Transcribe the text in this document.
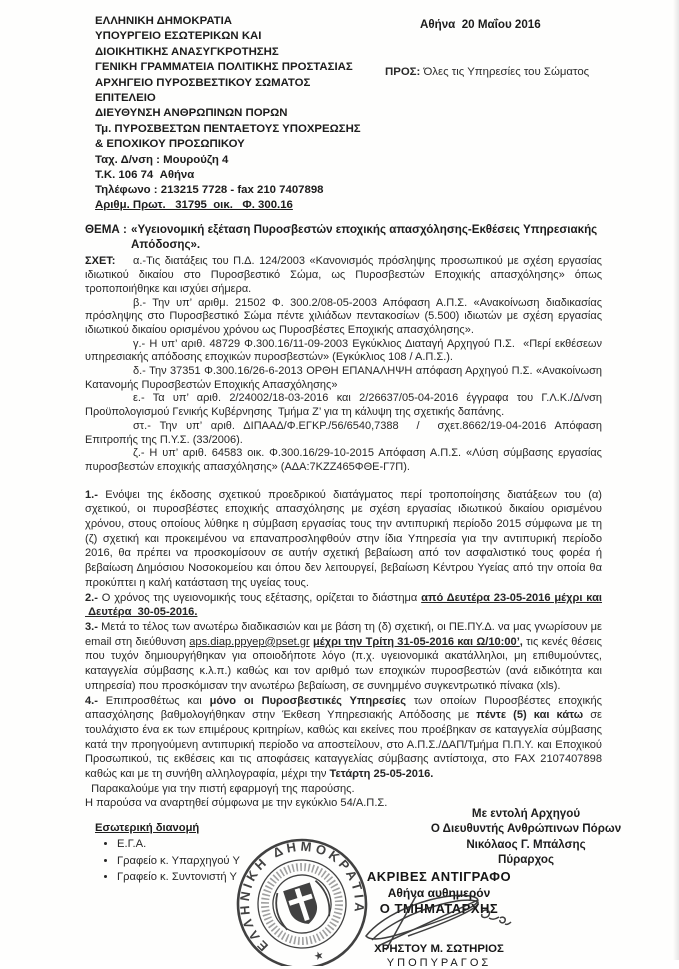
ΕΛΛΗΝΙΚΗ ΔΗΜΟΚΡΑΤΙΑ
ΥΠΟΥΡΓΕΙΟ ΕΣΩΤΕΡΙΚΩΝ ΚΑΙ
ΔΙΟΙΚΗΤΙΚΗΣ ΑΝΑΣΥΓΚΡΟΤΗΣΗΣ
ΓΕΝΙΚΗ ΓΡΑΜΜΑΤΕΙΑ ΠΟΛΙΤΙΚΗΣ ΠΡΟΣΤΑΣΙΑΣ
ΑΡΧΗΓΕΙΟ ΠΥΡΟΣΒΕΣΤΙΚΟΥ ΣΩΜΑΤΟΣ
ΕΠΙΤΕΛΕΙΟ
ΔΙΕΥΘΥΝΣΗ ΑΝΘΡΩΠΙΝΩΝ ΠΟΡΩΝ
Τμ. ΠΥΡΟΣΒΕΣΤΩΝ ΠΕΝΤΑΕΤΟΥΣ ΥΠΟΧΡΕΩΣΗΣ
& ΕΠΟΧΙΚΟΥ ΠΡΟΣΩΠΙΚΟΥ
Ταχ. Δ/νση : Μουρούζη 4
Τ.Κ. 106 74  Αθήνα
Τηλέφωνο : 213215 7728 - fax 210 7407898
Αριθμ. Πρωτ.   31795  οικ.   Φ. 300.16
Αθήνα  20 Μαΐου 2016
ΠΡΟΣ: Όλες τις Υπηρεσίες του Σώματος

ΘΕΜΑ : «Υγειονομική εξέταση Πυροσβεστών εποχικής απασχόλησης-Εκθέσεις Υπηρεσιακής Απόδοσης».

ΣΧΕΤ:	α.-Τις διατάξεις του Π.Δ. 124/2003 «Κανονισμός πρόσληψης προσωπικού με σχέση εργασίας ιδιωτικού δικαίου στο Πυροσβεστικό Σώμα, ως Πυροσβεστών Εποχικής απασχόλησης» όπως τροποποιήθηκε και ισχύει σήμερα.

β.- Την υπ’ αριθμ. 21502 Φ. 300.2/08-05-2003 Απόφαση Α.Π.Σ. «Ανακοίνωση διαδικασίας πρόσληψης στο Πυροσβεστικό Σώμα πέντε χιλιάδων πεντακοσίων (5.500) ιδιωτών με σχέση εργασίας ιδιωτικού δικαίου ορισμένου χρόνου ως Πυροσβέστες Εποχικής απασχόλησης».

γ.- Η υπ’ αριθ. 48729 Φ.300.16/11-09-2003 Εγκύκλιος Διαταγή Αρχηγού Π.Σ.  «Περί εκθέσεων υπηρεσιακής απόδοσης εποχικών πυροσβεστών» (Εγκύκλιος 108 / Α.Π.Σ.).

δ.- Την 37351 Φ.300.16/26-6-2013 ΟΡΘΗ ΕΠΑΝΑΛΗΨΗ απόφαση Αρχηγού Π.Σ. «Ανακοίνωση Κατανομής Πυροσβεστών Εποχικής Απασχόλησης»

ε.- Τα υπ’ αριθ. 2/24002/18-03-2016 και 2/26637/05-04-2016 έγγραφα του Γ.Λ.Κ./Δ/νση Προϋπολογισμού Γενικής Κυβέρνησης  Τμήμα Ζ’ για τη κάλυψη της σχετικής δαπάνης.

στ.- Την υπ’ αριθ. ΔΙΠΑΑΔ/Φ.ΕΓΚΡ./56/6540,7388  /  σχετ.8662/19-04-2016 Απόφαση Επιτροπής της Π.Υ.Σ. (33/2006).

ζ.- Η υπ’ αριθ. 64583 οικ. Φ.300.16/29-10-2015 Απόφαση Α.Π.Σ. «Λύση σύμβασης εργασίας πυροσβεστών εποχικής απασχόλησης» (ΑΔΑ:7ΚΖΖ465ΦΘΕ-Γ7Π).

1.- Ενόψει της έκδοσης σχετικού προεδρικού διατάγματος περί τροποποίησης διατάξεων του (α) σχετικού, οι πυροσβέστες εποχικής απασχόλησης με σχέση εργασίας ιδιωτικού δικαίου ορισμένου χρόνου, στους οποίους λύθηκε η σύμβαση εργασίας τους την αντιπυρική περίοδο 2015 σύμφωνα με τη (ζ) σχετική και προκειμένου να επαναπροσληφθούν στην ίδια Υπηρεσία για την αντιπυρική περίοδο 2016, θα πρέπει να προσκομίσουν σε αυτήν σχετική βεβαίωση από τον ασφαλιστικό τους φορέα ή βεβαίωση Δημόσιου Νοσοκομείου και όπου δεν λειτουργεί, βεβαίωση Κέντρου Υγείας από την οποία θα προκύπτει η καλή κατάσταση της υγείας τους.

2.- Ο χρόνος της υγειονομικής τους εξέτασης, ορίζεται το διάστημα από Δευτέρα 23-05-2016 μέχρι και  Δευτέρα  30-05-2016.

3.- Μετά το τέλος των ανωτέρω διαδικασιών και με βάση τη (δ) σχετική, οι ΠΕ.ΠΥ.Δ. να μας γνωρίσουν με email στη διεύθυνση aps.diap.ppyep@pset.gr μέχρι την Τρίτη 31-05-2016 και Ω/10:00’, τις κενές θέσεις που τυχόν δημιουργήθηκαν για οποιοδήποτε λόγο (π.χ. υγειονομικά ακατάλληλοι, μη επιθυμούντες, καταγγελία σύμβασης κ.λ.π.) καθώς και τον αριθμό των εποχικών πυροσβεστών (ανά ειδικότητα και υπηρεσία) που προσκόμισαν την ανωτέρω βεβαίωση, σε συνημμένο συγκεντρωτικό πίνακα (xls).

4.- Επιπροσθέτως και μόνο οι Πυροσβεστικές Υπηρεσίες των οποίων Πυροσβέστες εποχικής απασχόλησης βαθμολογήθηκαν στην Έκθεση Υπηρεσιακής Απόδοσης με πέντε (5) και κάτω σε τουλάχιστο ένα εκ των επιμέρους κριτηρίων, καθώς και εκείνες που προέβηκαν σε καταγγελία σύμβασης κατά την προηγούμενη αντιπυρική περίοδο να αποστείλουν, στο Α.Π.Σ./ΔΑΠ/Τμήμα Π.Π.Υ. και Εποχικού Προσωπικού, τις εκθέσεις και τις αποφάσεις καταγγελίας σύμβασης αντίστοιχα, στο FAX 2107407898 καθώς και με τη συνήθη αλληλογραφία, μέχρι την Τετάρτη 25-05-2016.

Παρακαλούμε για την πιστή εφαρμογή της παρούσης.

Η παρούσα να αναρτηθεί σύμφωνα με την εγκύκλιο 54/Α.Π.Σ.

Με εντολή Αρχηγού
Ο Διευθυντής Ανθρώπινων Πόρων
Νικόλαος Γ. Μπάλσης
Πύραρχος
Εσωτερική διανομή
• Ε.Γ.Α.
• Γραφείο κ. Υπαρχηγού Υ
• Γραφείο κ. Συντονιστή Υ
ΕΛΛΗΝΙΚΗ ΔΗΜΟΚΡΑΤΙΑ
★
ΑΚΡΙΒΕΣ ΑΝΤΙΓΡΑΦΟ
Αθήνα αυθημερόν
Ο ΤΜΗΜΑΤΑΡΧΗΣ
ΧΡΗΣΤΟΥ Μ. ΣΩΤΗΡΙΟΣ
ΥΠΟΠΥΡΑΓΟΣ
